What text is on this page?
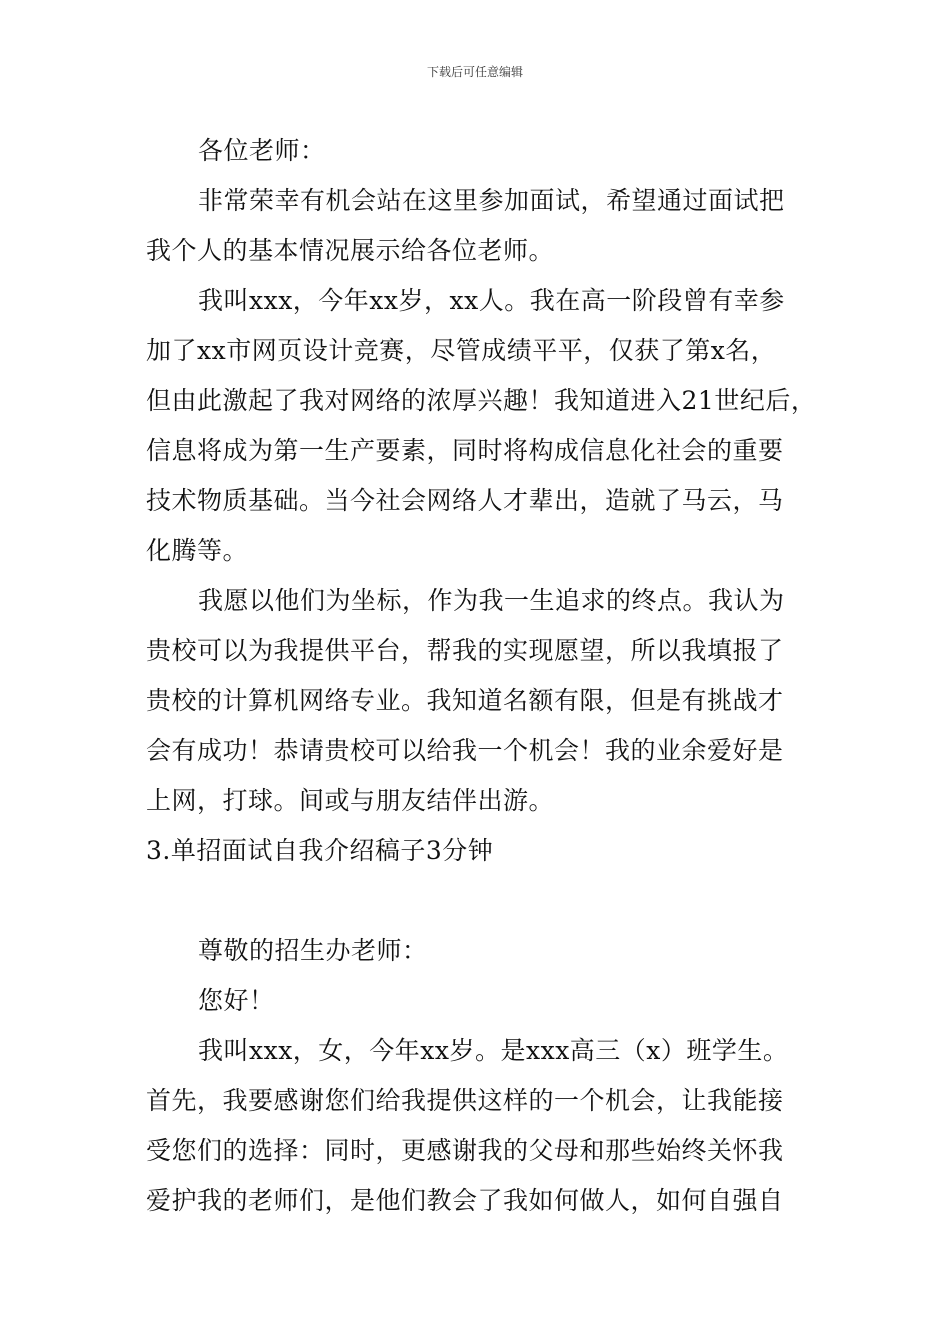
下载后可任意编辑
各位老师：
非常荣幸有机会站在这里参加面试，希望通过面试把
我个人的基本情况展示给各位老师。
我叫xxx，今年xx岁，xx人。我在高一阶段曾有幸参
加了xx市网页设计竞赛，尽管成绩平平，仅获了第x名，
但由此激起了我对网络的浓厚兴趣！我知道进入21世纪后，
信息将成为第一生产要素，同时将构成信息化社会的重要
技术物质基础。当今社会网络人才辈出，造就了马云，马
化腾等。
我愿以他们为坐标，作为我一生追求的终点。我认为
贵校可以为我提供平台，帮我的实现愿望，所以我填报了
贵校的计算机网络专业。我知道名额有限，但是有挑战才
会有成功！恭请贵校可以给我一个机会！我的业余爱好是
上网，打球。间或与朋友结伴出游。
3.单招面试自我介绍稿子3分钟
尊敬的招生办老师：
您好！
我叫xxx，女，今年xx岁。是xxx高三（x）班学生。
首先，我要感谢您们给我提供这样的一个机会，让我能接
受您们的选择：同时，更感谢我的父母和那些始终关怀我
爱护我的老师们，是他们教会了我如何做人，如何自强自
